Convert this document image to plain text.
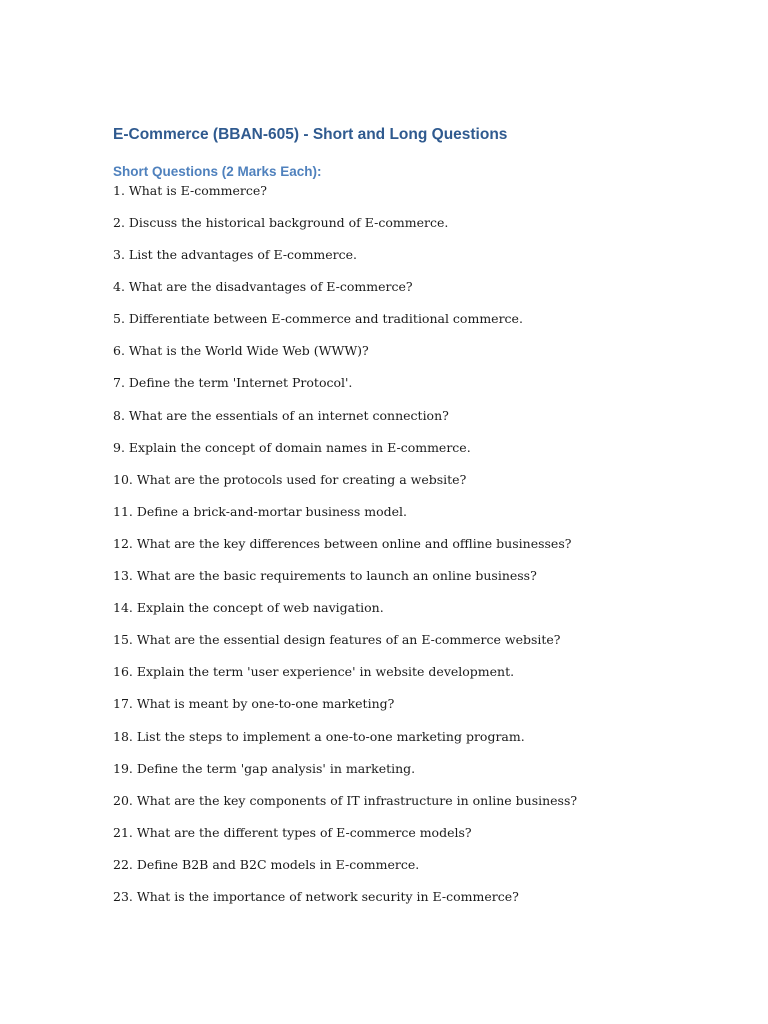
E-Commerce (BBAN-605) - Short and Long Questions
Short Questions (2 Marks Each):
1. What is E-commerce?
2. Discuss the historical background of E-commerce.
3. List the advantages of E-commerce.
4. What are the disadvantages of E-commerce?
5. Differentiate between E-commerce and traditional commerce.
6. What is the World Wide Web (WWW)?
7. Define the term 'Internet Protocol'.
8. What are the essentials of an internet connection?
9. Explain the concept of domain names in E-commerce.
10. What are the protocols used for creating a website?
11. Define a brick-and-mortar business model.
12. What are the key differences between online and offline businesses?
13. What are the basic requirements to launch an online business?
14. Explain the concept of web navigation.
15. What are the essential design features of an E-commerce website?
16. Explain the term 'user experience' in website development.
17. What is meant by one-to-one marketing?
18. List the steps to implement a one-to-one marketing program.
19. Define the term 'gap analysis' in marketing.
20. What are the key components of IT infrastructure in online business?
21. What are the different types of E-commerce models?
22. Define B2B and B2C models in E-commerce.
23. What is the importance of network security in E-commerce?
